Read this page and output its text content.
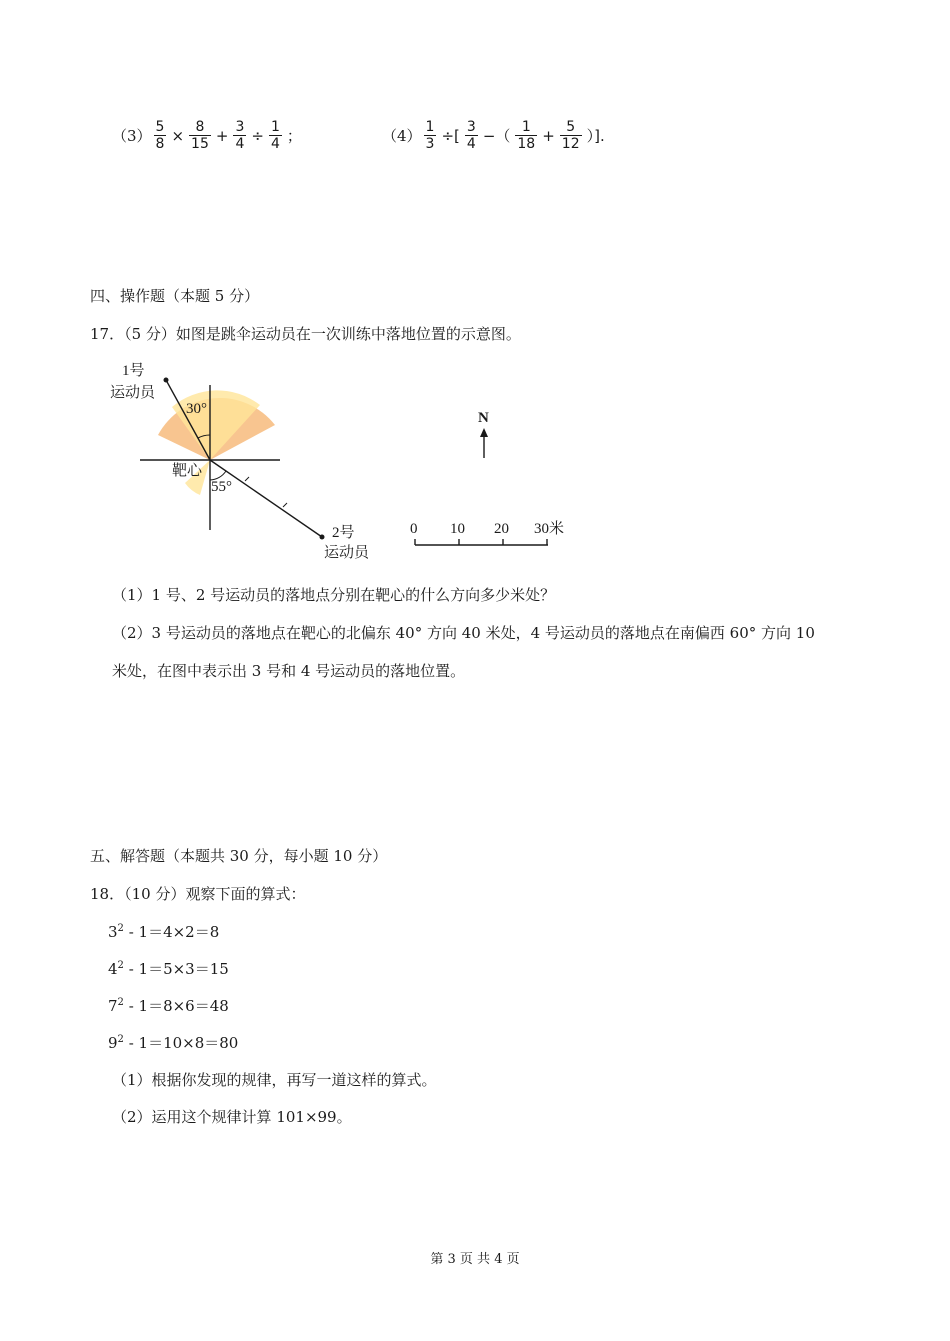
$(3) \frac{5}{8} \times \frac{8}{15} + \frac{3}{4} \div \frac{1}{4}$ ；	$(4) \frac{1}{3}$ ÷[ $\frac{3}{4}$ −（ $\frac{1}{18} + \frac{5}{12}$ ）].
四、操作题（本题 5 分）
17．（5 分）如图是跳伞运动员在一次训练中落地位置的示意图。
1号
运动员
30°
靶心
55°
2号
运动员
N
0 10 20 30米
（1）1 号、2 号运动员的落地点分别在靶心的什么方向多少米处？
（2）3 号运动员的落地点在靶心的北偏东 40° 方向 40 米处，4 号运动员的落地点在南偏西 60° 方向 10
米处，在图中表示出 3 号和 4 号运动员的落地位置。
五、解答题（本题共 30 分，每小题 10 分）
18．（10 分）观察下面的算式：
$3^2 - 1=4\times 2=8$
$4^2 - 1=5\times 3=15$
$7^2 - 1=8\times 6=48$
$9^2 - 1=10\times 8=80$
（1）根据你发现的规律，再写一道这样的算式。
（2）运用这个规律计算 101×99。
第 3 页 共 4 页
